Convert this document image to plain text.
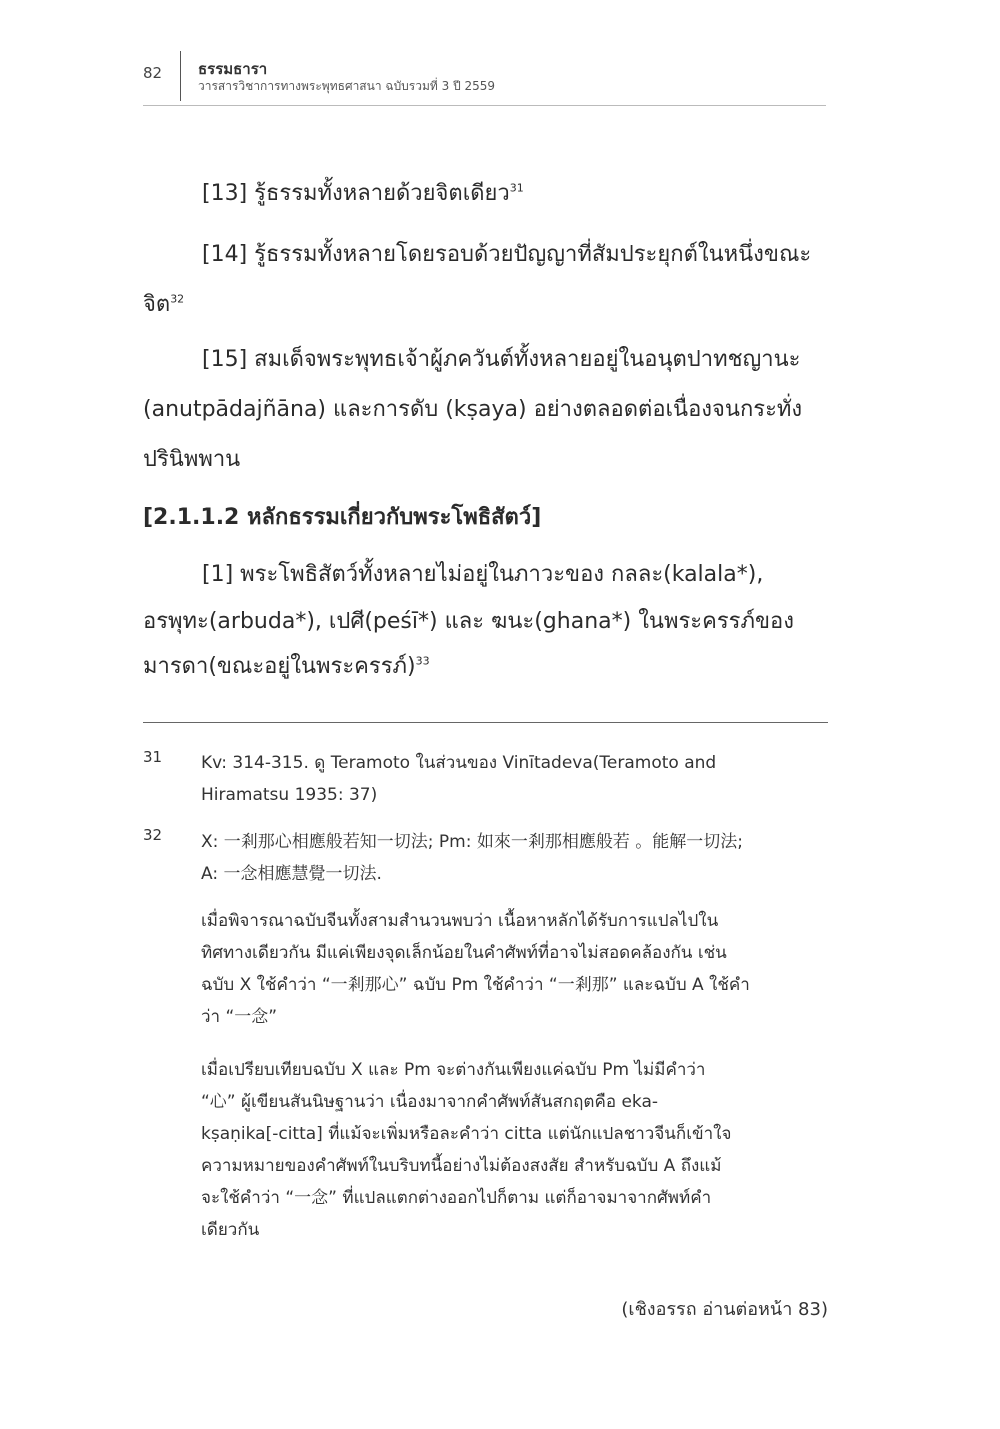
82 ธรรมธารา
วารสารวิชาการทางพระพุทธศาสนา ฉบับรวมที่ 3 ปี 2559
[13] รู้ธรรมทั้งหลายด้วยจิตเดียว$^{31}$
[14] รู้ธรรมทั้งหลายโดยรอบด้วยปัญญาที่สัมประยุกต์ในหนึ่งขณะ
จิต$^{32}$
[15] สมเด็จพระพุทธเจ้าผู้ภควันต์ทั้งหลายอยู่ในอนุตปาทชญานะ
(anutpādajñāna) และการดับ (kṣaya) อย่างตลอดต่อเนื่องจนกระทั่ง
ปรินิพพาน
[2.1.1.2 หลักธรรมเกี่ยวกับพระโพธิสัตว์]
[1] พระโพธิสัตว์ทั้งหลายไม่อยู่ในภาวะของ กลละ(kalala*),
อรพุทะ(arbuda*), เปศี(peśī*) และ ฆนะ(ghana*) ในพระครรภ์ของ
มารดา(ขณะอยู่ในพระครรภ์)$^{33}$
31 Kv: 314-315. ดู Teramoto ในส่วนของ Vinītadeva(Teramoto and
Hiramatsu 1935: 37)
32 X: 一剎那心相應般若知一切法; Pm: 如來一剎那相應般若 。能解一切法;
A: 一念相應慧覺一切法.
เมื่อพิจารณาฉบับจีนทั้งสามสำนวนพบว่า เนื้อหาหลักได้รับการแปลไปใน
ทิศทางเดียวกัน มีแค่เพียงจุดเล็กน้อยในคำศัพท์ที่อาจไม่สอดคล้องกัน เช่น
ฉบับ X ใช้คำว่า “一剎那心” ฉบับ Pm ใช้คำว่า “一剎那” และฉบับ A ใช้คำ
ว่า “一念”
เมื่อเปรียบเทียบฉบับ X และ Pm จะต่างกันเพียงแค่ฉบับ Pm ไม่มีคำว่า
“心” ผู้เขียนสันนิษฐานว่า เนื่องมาจากคำศัพท์สันสกฤตคือ eka-
kṣaṇika[-citta] ที่แม้จะเพิ่มหรือละคำว่า citta แต่นักแปลชาวจีนก็เข้าใจ
ความหมายของคำศัพท์ในบริบทนี้อย่างไม่ต้องสงสัย สำหรับฉบับ A ถึงแม้
จะใช้คำว่า “一念” ที่แปลแตกต่างออกไปก็ตาม แต่ก็อาจมาจากศัพท์คำ
เดียวกัน
(เชิงอรรถ อ่านต่อหน้า 83)
